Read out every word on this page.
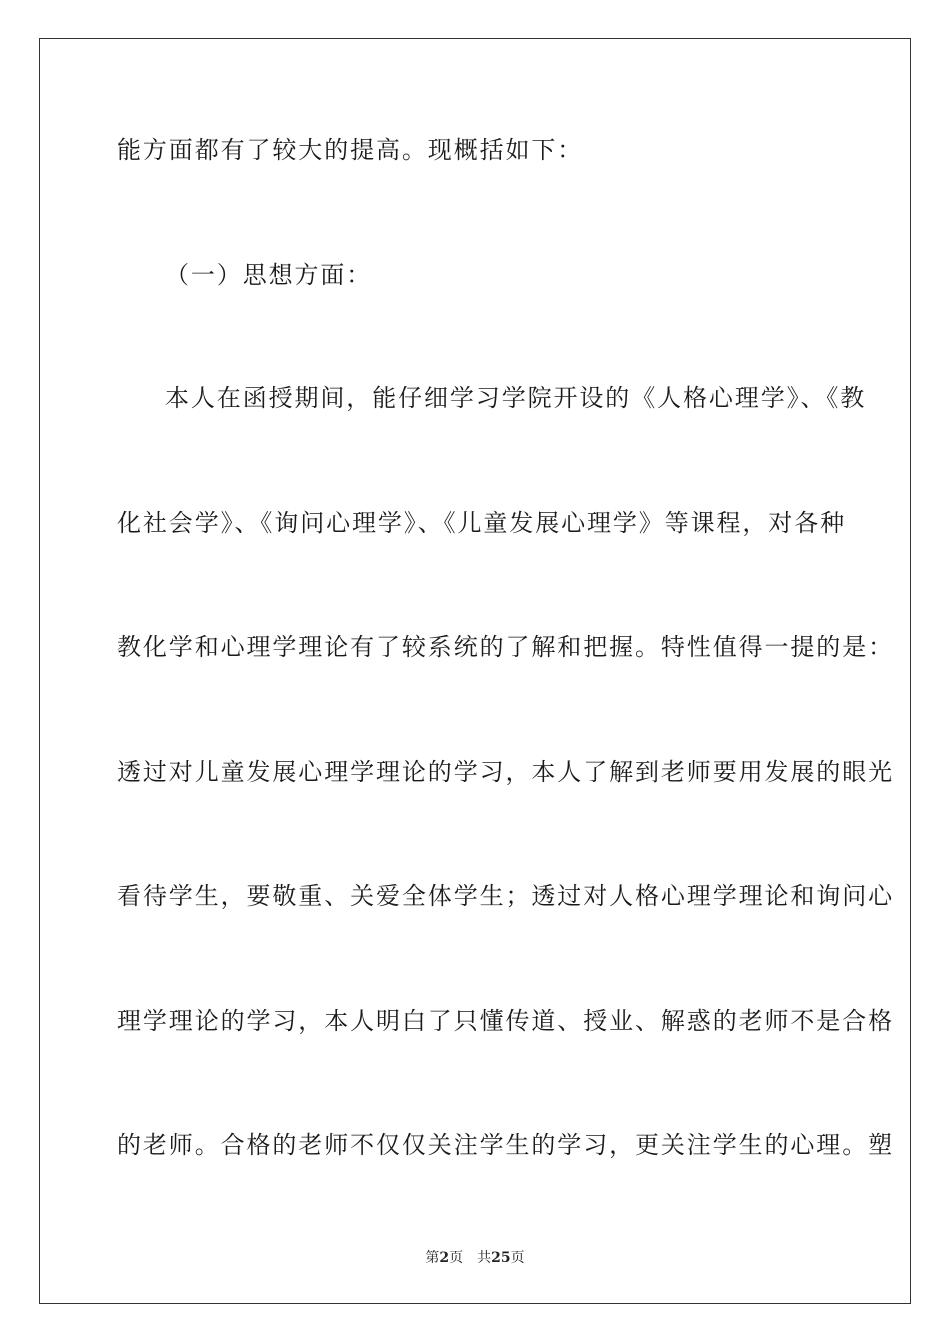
能方面都有了较大的提高。现概括如下：
（一）思想方面：
本人在函授期间，能仔细学习学院开设的《人格心理学》、《教
化社会学》、《询问心理学》、《儿童发展心理学》等课程，对各种
教化学和心理学理论有了较系统的了解和把握。特性值得一提的是：
透过对儿童发展心理学理论的学习，本人了解到老师要用发展的眼光
看待学生，要敬重、关爱全体学生；透过对人格心理学理论和询问心
理学理论的学习，本人明白了只懂传道、授业、解惑的老师不是合格
的老师。合格的老师不仅仅关注学生的学习，更关注学生的心理。塑
第2页 共25页
